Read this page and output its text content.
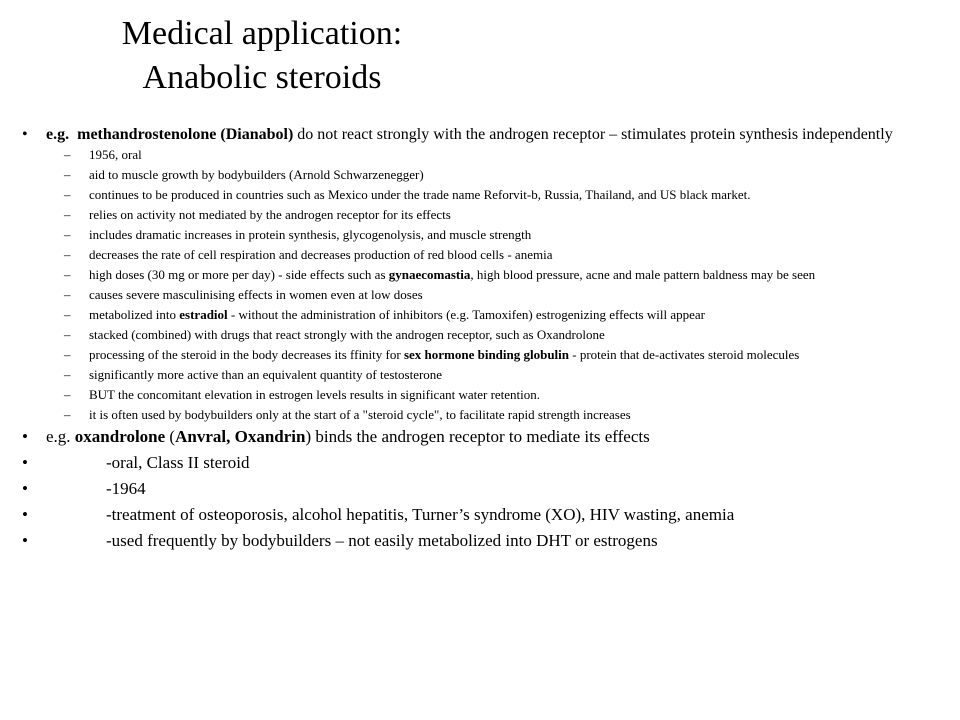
Medical application:
Anabolic steroids
• e.g. methandrostenolone (Dianabol) do not react strongly with the androgen receptor – stimulates protein synthesis independently
– 1956, oral
– aid to muscle growth by bodybuilders (Arnold Schwarzenegger)
– continues to be produced in countries such as Mexico under the trade name Reforvit-b, Russia, Thailand, and US black market.
– relies on activity not mediated by the androgen receptor for its effects
– includes dramatic increases in protein synthesis, glycogenolysis, and muscle strength
– decreases the rate of cell respiration and decreases production of red blood cells - anemia
– high doses (30 mg or more per day) - side effects such as gynaecomastia, high blood pressure, acne and male pattern baldness may be seen
– causes severe masculinising effects in women even at low doses
– metabolized into estradiol - without the administration of inhibitors (e.g. Tamoxifen) estrogenizing effects will appear
– stacked (combined) with drugs that react strongly with the androgen receptor, such as Oxandrolone
– processing of the steroid in the body decreases its ffinity for sex hormone binding globulin - protein that de-activates steroid molecules
– significantly more active than an equivalent quantity of testosterone
– BUT the concomitant elevation in estrogen levels results in significant water retention.
– it is often used by bodybuilders only at the start of a "steroid cycle", to facilitate rapid strength increases
• e.g. oxandrolone (Anvral, Oxandrin) binds the androgen receptor to mediate its effects
•	-oral, Class II steroid
•	-1964
•	-treatment of osteoporosis, alcohol hepatitis, Turner’s syndrome (XO), HIV wasting, anemia
•	-used frequently by bodybuilders – not easily metabolized into DHT or estrogens
